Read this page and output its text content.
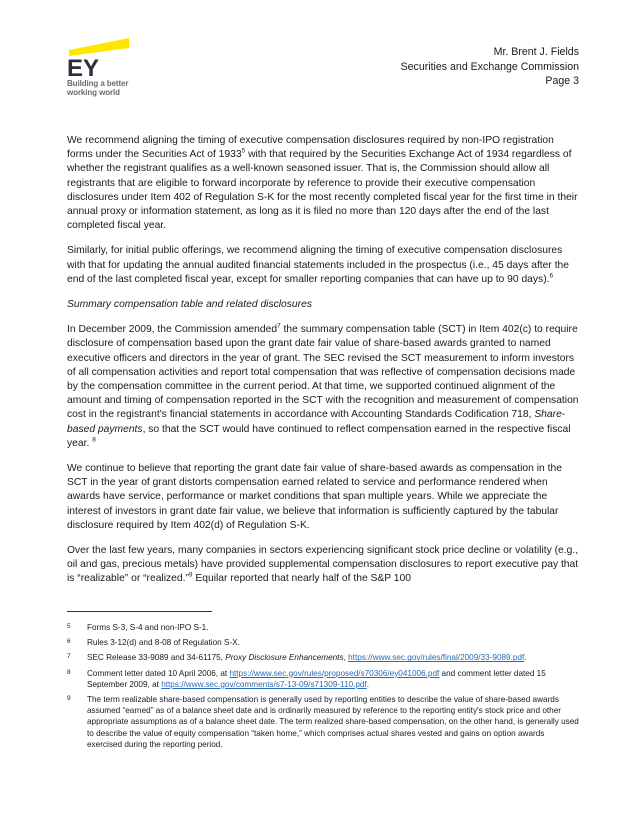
EY
Building a better
working world
Mr. Brent J. Fields
Securities and Exchange Commission
Page 3

We recommend aligning the timing of executive compensation disclosures required by non-IPO registration forms under the Securities Act of 1933$^5$ with that required by the Securities Exchange Act of 1934 regardless of whether the registrant qualifies as a well-known seasoned issuer. That is, the Commission should allow all registrants that are eligible to forward incorporate by reference to provide their executive compensation disclosures under Item 402 of Regulation S-K for the most recently completed fiscal year for the first time in their annual proxy or information statement, as long as it is filed no more than 120 days after the end of the last completed fiscal year.

Similarly, for initial public offerings, we recommend aligning the timing of executive compensation disclosures with that for updating the annual audited financial statements included in the prospectus (i.e., 45 days after the end of the last completed fiscal year, except for smaller reporting companies that can have up to 90 days).$^6$

Summary compensation table and related disclosures

In December 2009, the Commission amended$^7$ the summary compensation table (SCT) in Item 402(c) to require disclosure of compensation based upon the grant date fair value of share-based awards granted to named executive officers and directors in the year of grant. The SEC revised the SCT measurement to inform investors of all compensation activities and report total compensation that was reflective of compensation decisions made by the compensation committee in the current period. At that time, we supported continued alignment of the amount and timing of compensation reported in the SCT with the recognition and measurement of compensation cost in the registrant's financial statements in accordance with Accounting Standards Codification 718, Share-based payments, so that the SCT would have continued to reflect compensation earned in the respective fiscal year. $^8$

We continue to believe that reporting the grant date fair value of share-based awards as compensation in the SCT in the year of grant distorts compensation earned related to service and performance rendered when awards have service, performance or market conditions that span multiple years. While we appreciate the interest of investors in grant date fair value, we believe that information is sufficiently captured by the tabular disclosure required by Item 402(d) of Regulation S-K.

Over the last few years, many companies in sectors experiencing significant stock price decline or volatility (e.g., oil and gas, precious metals) have provided supplemental compensation disclosures to report executive pay that is “realizable” or “realized.”$^9$ Equilar reported that nearly half of the S&P 100

5	Forms S-3, S-4 and non-IPO S-1.
6	Rules 3-12(d) and 8-08 of Regulation S-X.
7	SEC Release 33-9089 and 34-61175, Proxy Disclosure Enhancements, https://www.sec.gov/rules/final/2009/33-9089.pdf.
8	Comment letter dated 10 April 2006, at https://www.sec.gov/rules/proposed/s70306/ey041006.pdf and comment letter dated 15 September 2009, at https://www.sec.gov/comments/s7-13-09/s71309-110.pdf.
9	The term realizable share-based compensation is generally used by reporting entities to describe the value of share-based awards assumed “earned” as of a balance sheet date and is ordinarily measured by reference to the reporting entity's stock price and other appropriate assumptions as of a balance sheet date. The term realized share-based compensation, on the other hand, is generally used to describe the value of equity compensation “taken home,” which comprises actual shares vested and gains on option awards exercised during the reporting period.
